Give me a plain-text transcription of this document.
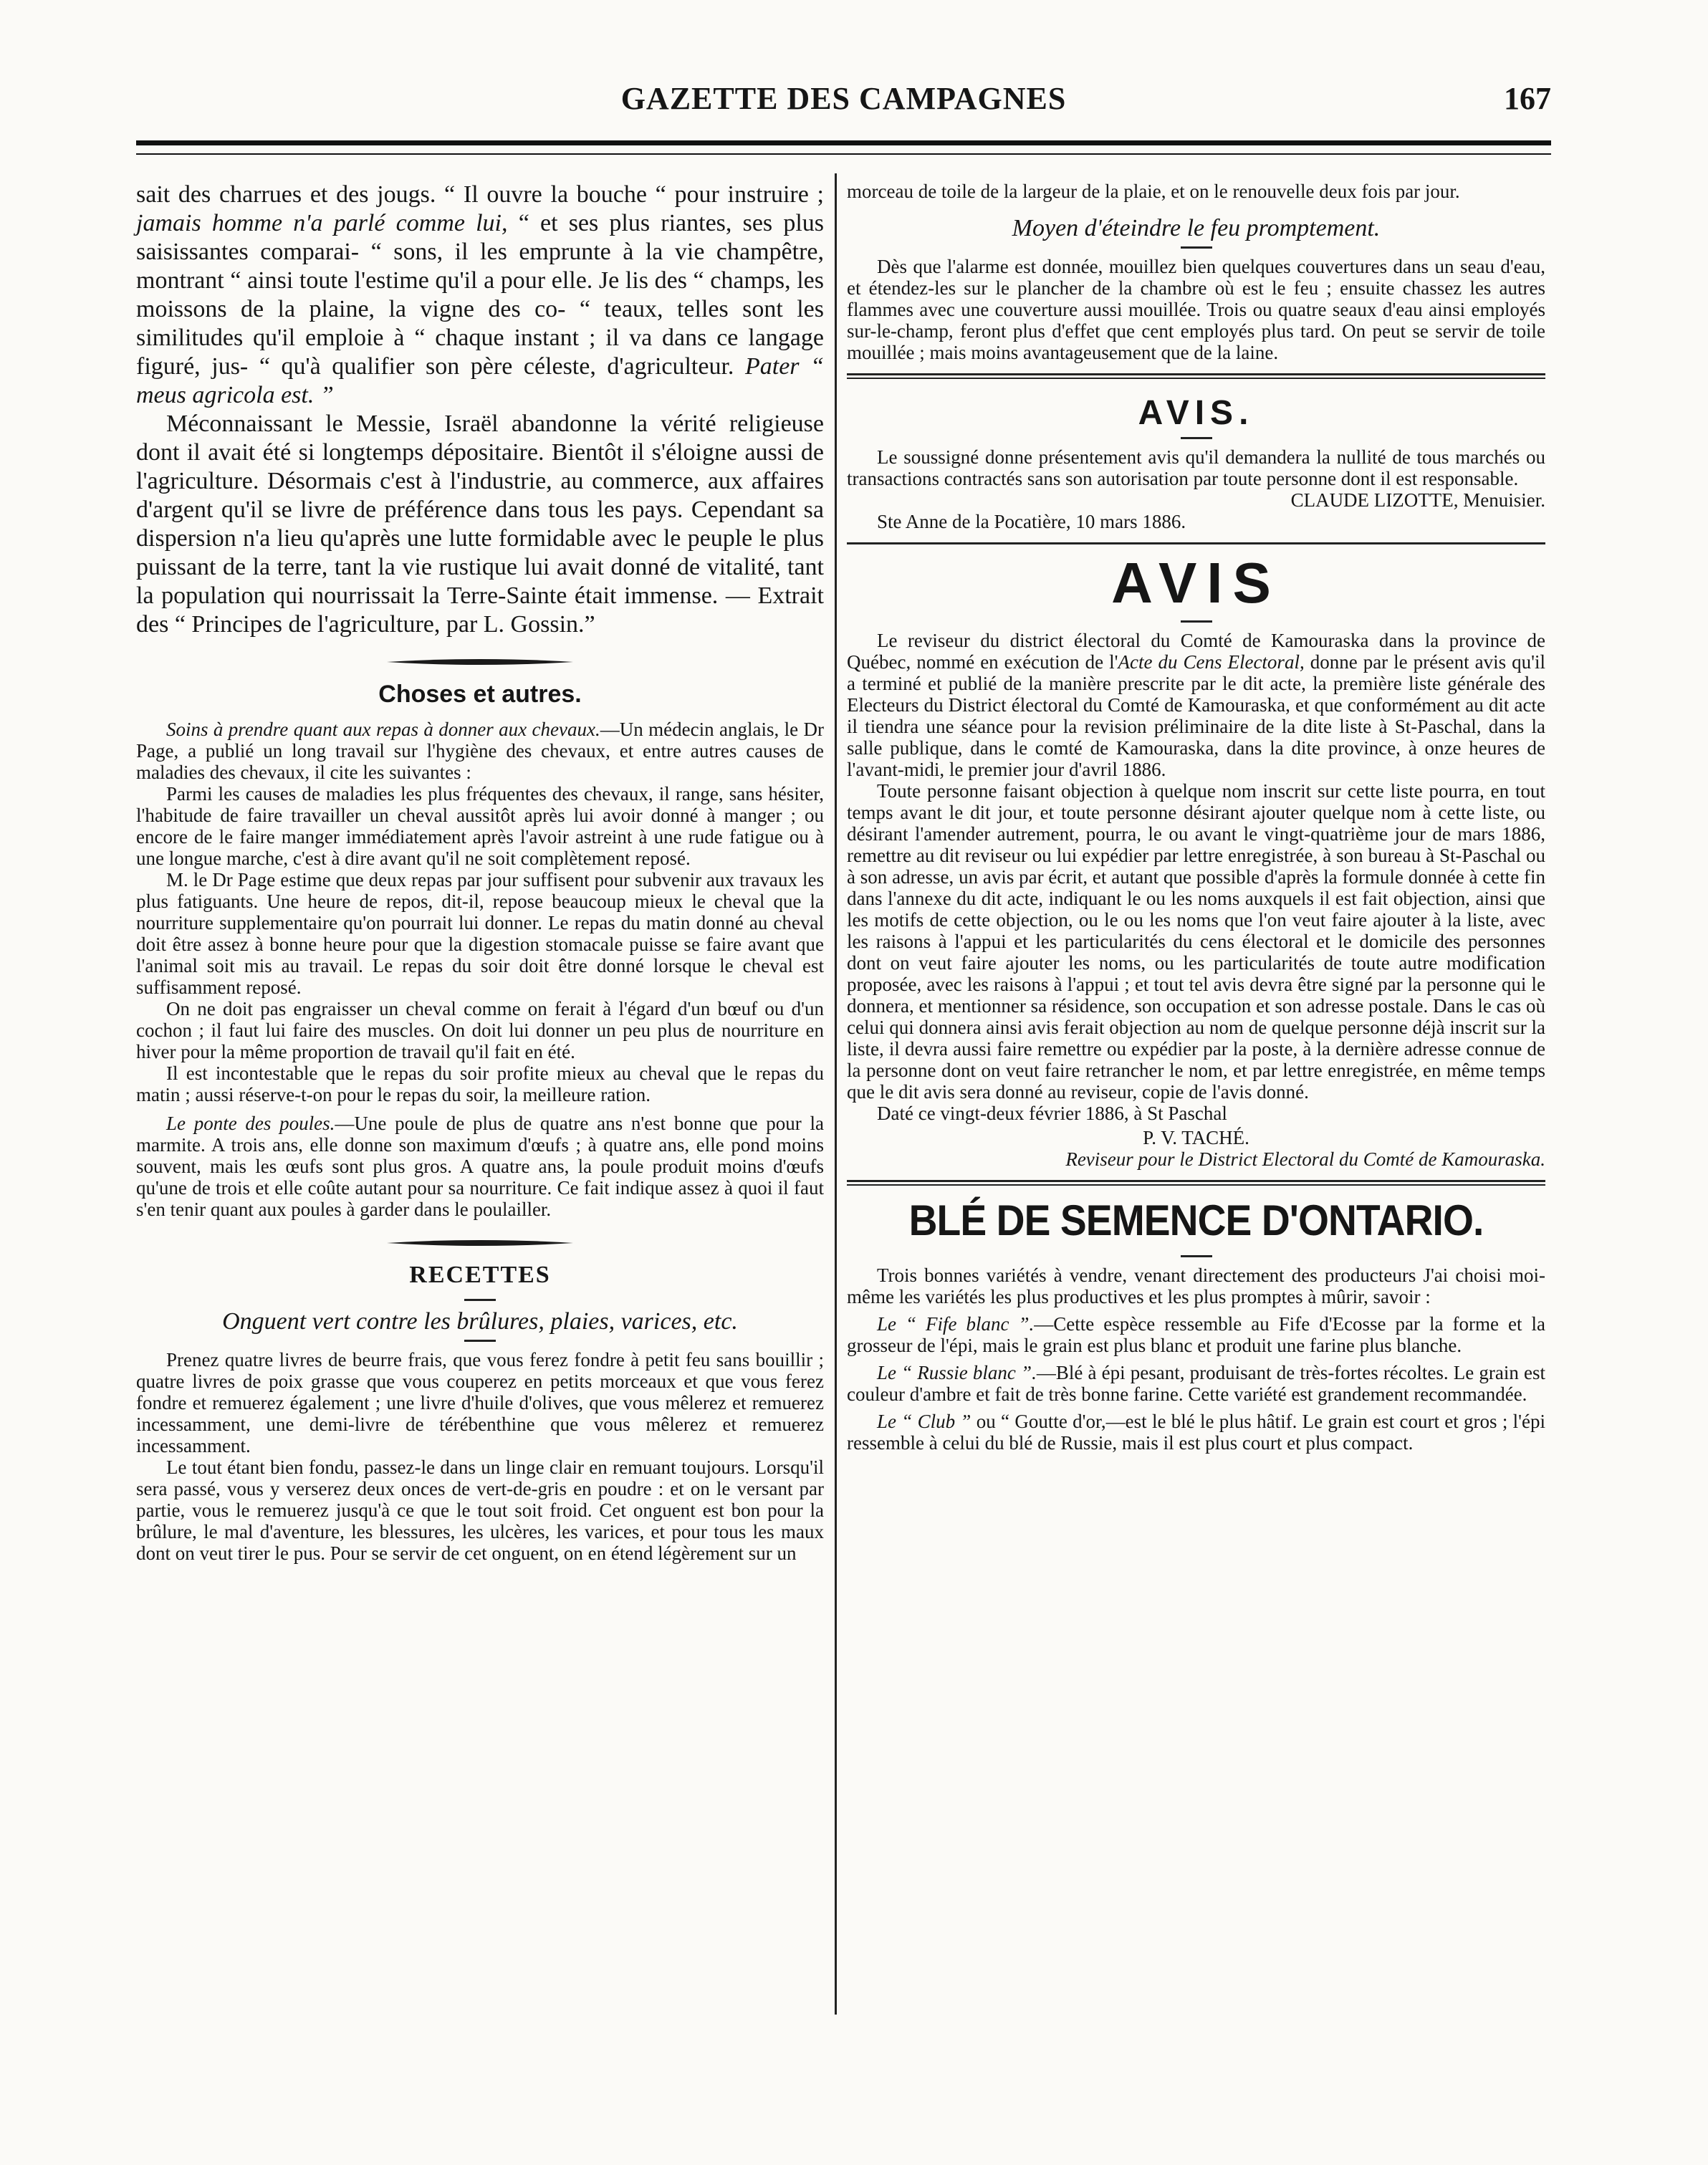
GAZETTE DES CAMPAGNES	167

sait des charrues et des jougs. “ Il ouvre la bouche “ pour instruire ; jamais homme n'a parlé comme lui, “ et ses plus riantes, ses plus saisissantes comparai- “ sons, il les emprunte à la vie champêtre, montrant “ ainsi toute l'estime qu'il a pour elle. Je lis des “ champs, les moissons de la plaine, la vigne des co- “ teaux, telles sont les similitudes qu'il emploie à “ chaque instant ; il va dans ce langage figuré, jus- “ qu'à qualifier son père céleste, d'agriculteur. Pater “ meus agricola est. ”

Méconnaissant le Messie, Israël abandonne la vérité religieuse dont il avait été si longtemps dépositaire. Bientôt il s'éloigne aussi de l'agriculture. Désormais c'est à l'industrie, au commerce, aux affaires d'argent qu'il se livre de préférence dans tous les pays. Cependant sa dispersion n'a lieu qu'après une lutte formidable avec le peuple le plus puissant de la terre, tant la vie rustique lui avait donné de vitalité, tant la population qui nourrissait la Terre-Sainte était immense. — Extrait des “ Principes de l'agriculture, par L. Gossin.”

Choses et autres.

Soins à prendre quant aux repas à donner aux chevaux.—Un médecin anglais, le Dr Page, a publié un long travail sur l'hygiène des chevaux, et entre autres causes de maladies des chevaux, il cite les suivantes :

Parmi les causes de maladies les plus fréquentes des chevaux, il range, sans hésiter, l'habitude de faire travailler un cheval aussitôt après lui avoir donné à manger ; ou encore de le faire manger immédiatement après l'avoir astreint à une rude fatigue ou à une longue marche, c'est à dire avant qu'il ne soit complètement reposé.

M. le Dr Page estime que deux repas par jour suffisent pour subvenir aux travaux les plus fatiguants. Une heure de repos, dit-il, repose beaucoup mieux le cheval que la nourriture supplementaire qu'on pourrait lui donner. Le repas du matin donné au cheval doit être assez à bonne heure pour que la digestion stomacale puisse se faire avant que l'animal soit mis au travail. Le repas du soir doit être donné lorsque le cheval est suffisamment reposé.

On ne doit pas engraisser un cheval comme on ferait à l'égard d'un bœuf ou d'un cochon ; il faut lui faire des muscles. On doit lui donner un peu plus de nourriture en hiver pour la même proportion de travail qu'il fait en été.

Il est incontestable que le repas du soir profite mieux au cheval que le repas du matin ; aussi réserve-t-on pour le repas du soir, la meilleure ration.

Le ponte des poules.—Une poule de plus de quatre ans n'est bonne que pour la marmite. A trois ans, elle donne son maximum d'œufs ; à quatre ans, elle pond moins souvent, mais les œufs sont plus gros. A quatre ans, la poule produit moins d'œufs qu'une de trois et elle coûte autant pour sa nourriture. Ce fait indique assez à quoi il faut s'en tenir quant aux poules à garder dans le poulailler.

RECETTES
Onguent vert contre les brûlures, plaies, varices, etc.

Prenez quatre livres de beurre frais, que vous ferez fondre à petit feu sans bouillir ; quatre livres de poix grasse que vous couperez en petits morceaux et que vous ferez fondre et remuerez également ; une livre d'huile d'olives, que vous mêlerez et remuerez incessamment, une demi-livre de térébenthine que vous mêlerez et remuerez incessamment.

Le tout étant bien fondu, passez-le dans un linge clair en remuant toujours. Lorsqu'il sera passé, vous y verserez deux onces de vert-de-gris en poudre : et on le versant par partie, vous le remuerez jusqu'à ce que le tout soit froid. Cet onguent est bon pour la brûlure, le mal d'aventure, les blessures, les ulcères, les varices, et pour tous les maux dont on veut tirer le pus. Pour se servir de cet onguent, on en étend légèrement sur un

morceau de toile de la largeur de la plaie, et on le renouvelle deux fois par jour.

Moyen d'éteindre le feu promptement.

Dès que l'alarme est donnée, mouillez bien quelques couvertures dans un seau d'eau, et étendez-les sur le plancher de la chambre où est le feu ; ensuite chassez les autres flammes avec une couverture aussi mouillée. Trois ou quatre seaux d'eau ainsi employés sur-le-champ, feront plus d'effet que cent employés plus tard. On peut se servir de toile mouillée ; mais moins avantageusement que de la laine.

AVIS.

Le soussigné donne présentement avis qu'il demandera la nullité de tous marchés ou transactions contractés sans son autorisation par toute personne dont il est responsable.

CLAUDE LIZOTTE, Menuisier.

Ste Anne de la Pocatière, 10 mars 1886.

AVIS

Le reviseur du district électoral du Comté de Kamouraska dans la province de Québec, nommé en exécution de l'Acte du Cens Electoral, donne par le présent avis qu'il a terminé et publié de la manière prescrite par le dit acte, la première liste générale des Electeurs du District électoral du Comté de Kamouraska, et que conformément au dit acte il tiendra une séance pour la revision préliminaire de la dite liste à St-Paschal, dans la salle publique, dans le comté de Kamouraska, dans la dite province, à onze heures de l'avant-midi, le premier jour d'avril 1886.

Toute personne faisant objection à quelque nom inscrit sur cette liste pourra, en tout temps avant le dit jour, et toute personne désirant ajouter quelque nom à cette liste, ou désirant l'amender autrement, pourra, le ou avant le vingt-quatrième jour de mars 1886, remettre au dit reviseur ou lui expédier par lettre enregistrée, à son bureau à St-Paschal ou à son adresse, un avis par écrit, et autant que possible d'après la formule donnée à cette fin dans l'annexe du dit acte, indiquant le ou les noms auxquels il est fait objection, ainsi que les motifs de cette objection, ou le ou les noms que l'on veut faire ajouter à la liste, avec les raisons à l'appui et les particularités du cens électoral et le domicile des personnes dont on veut faire ajouter les noms, ou les particularités de toute autre modification proposée, avec les raisons à l'appui ; et tout tel avis devra être signé par la personne qui le donnera, et mentionner sa résidence, son occupation et son adresse postale. Dans le cas où celui qui donnera ainsi avis ferait objection au nom de quelque personne déjà inscrit sur la liste, il devra aussi faire remettre ou expédier par la poste, à la dernière adresse connue de la personne dont on veut faire retrancher le nom, et par lettre enregistrée, en même temps que le dit avis sera donné au reviseur, copie de l'avis donné.

Daté ce vingt-deux février 1886, à St Paschal

P. V. TACHÉ.

Reviseur pour le District Electoral du Comté de Kamouraska.

BLÉ DE SEMENCE D'ONTARIO.

Trois bonnes variétés à vendre, venant directement des producteurs J'ai choisi moi-même les variétés les plus productives et les plus promptes à mûrir, savoir :

Le “ Fife blanc ”.—Cette espèce ressemble au Fife d'Ecosse par la forme et la grosseur de l'épi, mais le grain est plus blanc et produit une farine plus blanche.

Le “ Russie blanc ”.—Blé à épi pesant, produisant de très-fortes récoltes. Le grain est couleur d'ambre et fait de très bonne farine. Cette variété est grandement recommandée.

Le “ Club ” ou “ Goutte d'or,—est le blé le plus hâtif. Le grain est court et gros ; l'épi ressemble à celui du blé de Russie, mais il est plus court et plus compact.
